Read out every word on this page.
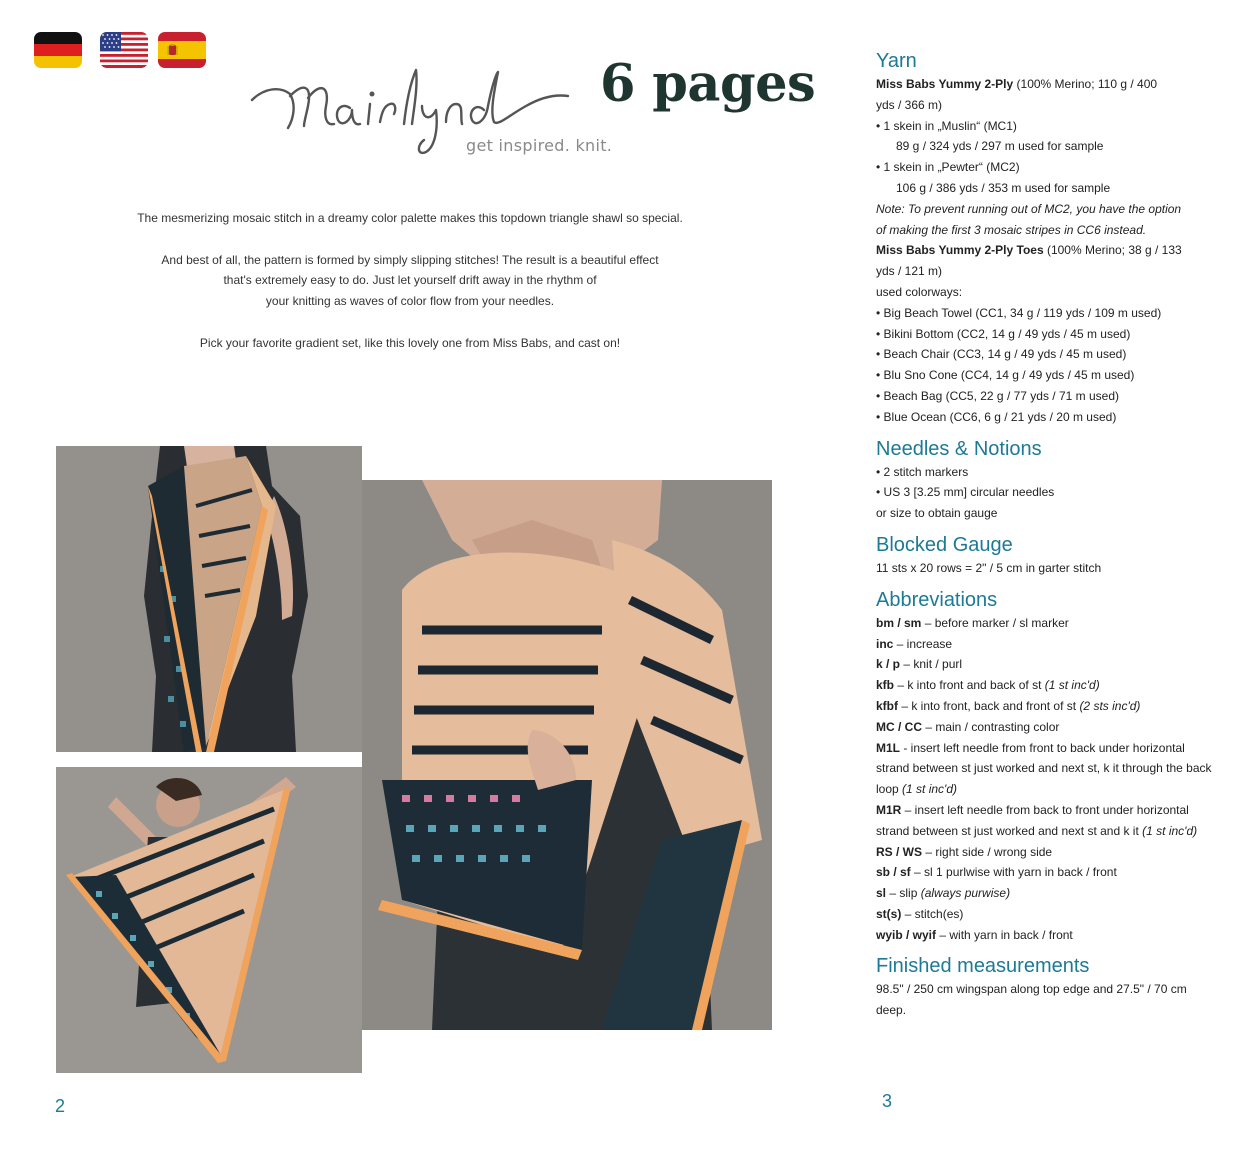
get inspired. knit.
6 pages

The mesmerizing mosaic stitch in a dreamy color palette makes this topdown triangle shawl so special.

And best of all, the pattern is formed by simply slipping stitches! The result is a beautiful effect
that's extremely easy to do. Just let yourself drift away in the rhythm of
your knitting as waves of color flow from your needles.

Pick your favorite gradient set, like this lovely one from Miss Babs, and cast on!

2	3
Yarn
Miss Babs Yummy 2-Ply (100% Merino; 110 g / 400
yds / 366 m)
• 1 skein in „Muslin“ (MC1)
89 g / 324 yds / 297 m used for sample
• 1 skein in „Pewter“ (MC2)
106 g / 386 yds / 353 m used for sample
Note: To prevent running out of MC2, you have the option
of making the first 3 mosaic stripes in CC6 instead.
Miss Babs Yummy 2-Ply Toes (100% Merino; 38 g / 133
yds / 121 m)
used colorways:
• Big Beach Towel (CC1, 34 g / 119 yds / 109 m used)
• Bikini Bottom (CC2, 14 g / 49 yds / 45 m used)
• Beach Chair (CC3, 14 g / 49 yds / 45 m used)
• Blu Sno Cone (CC4, 14 g / 49 yds / 45 m used)
• Beach Bag (CC5, 22 g / 77 yds / 71 m used)
• Blue Ocean (CC6, 6 g / 21 yds / 20 m used)
Needles & Notions
• 2 stitch markers
• US 3 [3.25 mm] circular needles
or size to obtain gauge
Blocked Gauge
11 sts x 20 rows = 2" / 5 cm in garter stitch
Abbreviations
bm / sm – before marker / sl marker
inc – increase
k / p – knit / purl
kfb – k into front and back of st (1 st inc'd)
kfbf – k into front, back and front of st (2 sts inc'd)
MC / CC – main / contrasting color
M1L - insert left needle from front to back under horizontal
strand between st just worked and next st, k it through the back
loop (1 st inc'd)
M1R – insert left needle from back to front under horizontal
strand between st just worked and next st and k it (1 st inc'd)
RS / WS – right side / wrong side
sb / sf – sl 1 purlwise with yarn in back / front
sl – slip (always purwise)
st(s) – stitch(es)
wyib / wyif – with yarn in back / front
Finished measurements
98.5" / 250 cm wingspan along top edge and 27.5" / 70 cm
deep.
